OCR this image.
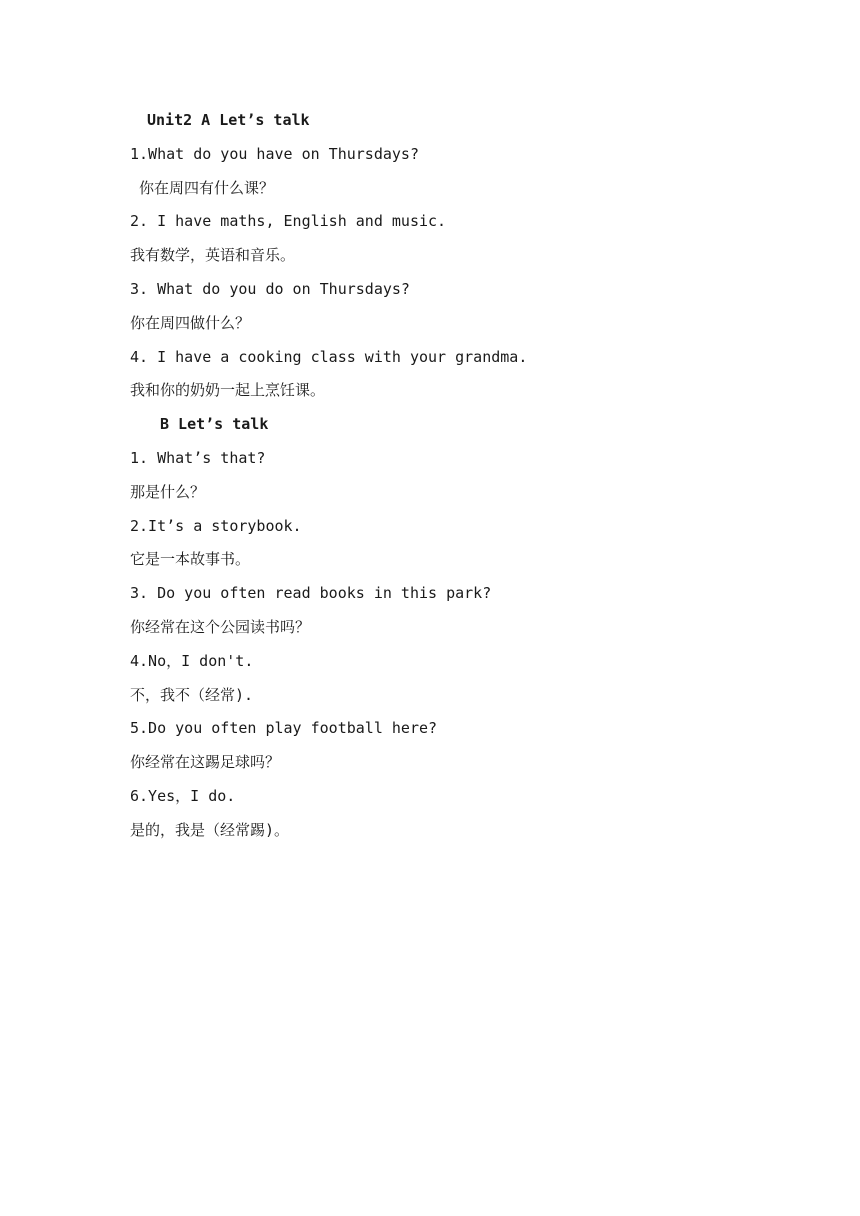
Unit2 A Let’s talk
1.What do you have on Thursdays?
你在周四有什么课？
2. I have maths, English and music.
我有数学，英语和音乐。
3. What do you do on Thursdays?
你在周四做什么？
4. I have a cooking class with your grandma.
我和你的奶奶一起上烹饪课。
B Let’s talk
1. What’s that?
那是什么？
2.It’s a storybook.
它是一本故事书。
3. Do you often read books in this park?
你经常在这个公园读书吗？
4.No，I don't.
不，我不（经常).
5.Do you often play football here?
你经常在这踢足球吗？
6.Yes，I do.
是的，我是（经常踢)。
